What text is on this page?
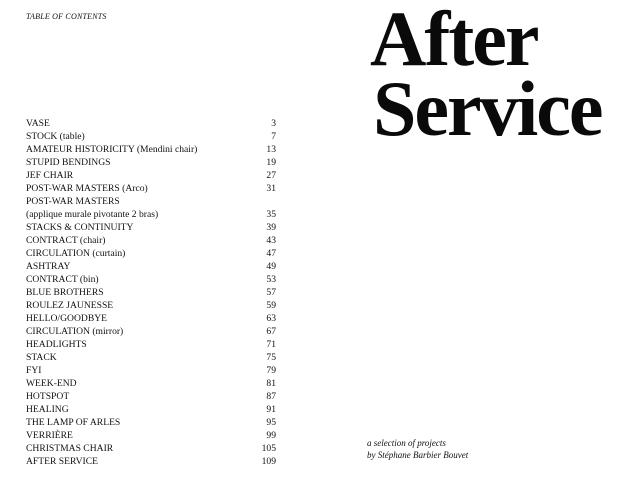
TABLE OF CONTENTS
VASE	3
STOCK (table)	7
AMATEUR HISTORICITY (Mendini chair)	13
STUPID BENDINGS	19
JEF CHAIR	27
POST-WAR MASTERS (Arco)	31
POST-WAR MASTERS
(applique murale pivotante 2 bras)	35
STACKS & CONTINUITY	39
CONTRACT (chair)	43
CIRCULATION (curtain)	47
ASHTRAY	49
CONTRACT (bin)	53
BLUE BROTHERS	57
ROULEZ JAUNESSE	59
HELLO/GOODBYE	63
CIRCULATION (mirror)	67
HEADLIGHTS	71
STACK	75
FYI	79
WEEK-END	81
HOTSPOT	87
HEALING	91
THE LAMP OF ARLES	95
VERRIÈRE	99
CHRISTMAS CHAIR	105
AFTER SERVICE	109
After
Service
a selection of projects
by Stéphane Barbier Bouvet
